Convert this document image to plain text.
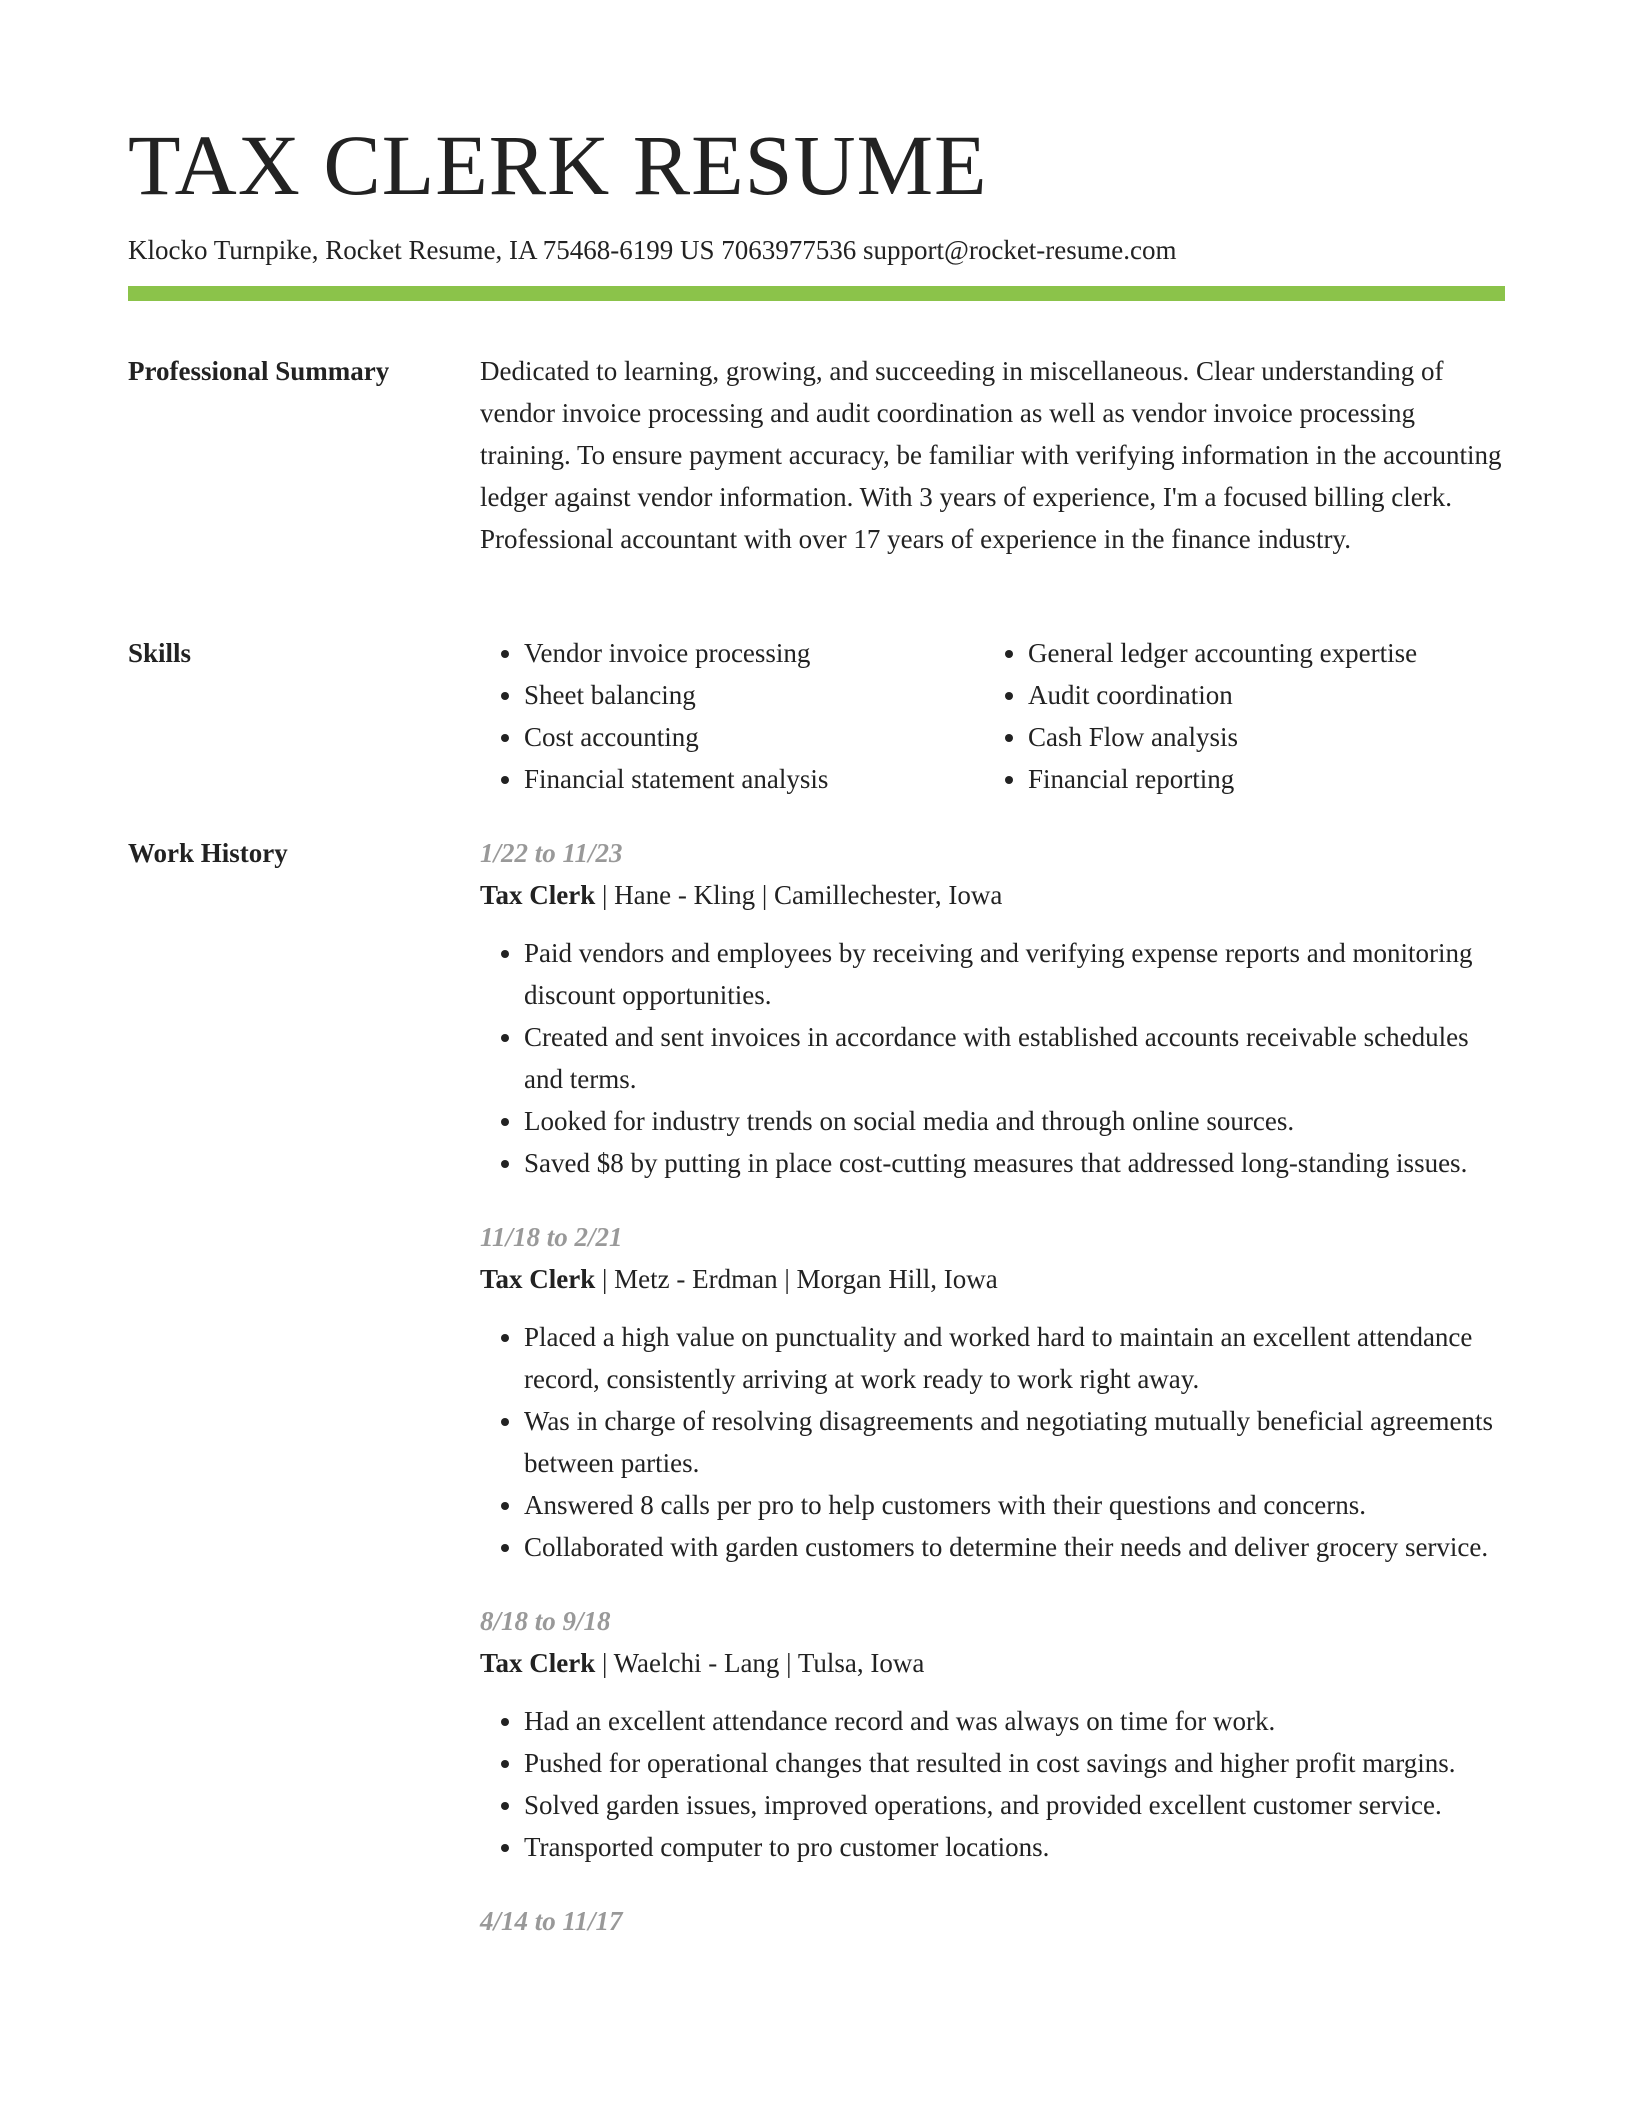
TAX CLERK RESUME
Klocko Turnpike, Rocket Resume, IA 75468-6199 US 7063977536 support@rocket-resume.com
Professional Summary	Dedicated to learning, growing, and succeeding in miscellaneous. Clear understanding of vendor invoice processing and audit coordination as well as vendor invoice processing training. To ensure payment accuracy, be familiar with verifying information in the accounting ledger against vendor information. With 3 years of experience, I'm a focused billing clerk. Professional accountant with over 17 years of experience in the finance industry.

Skills
•	Vendor invoice processing
• Sheet balancing
• Cost accounting
• Financial statement analysis
• General ledger accounting expertise
• Audit coordination
• Cash Flow analysis
• Financial reporting
Work History	1/22 to 11/23
Tax Clerk | Hane - Kling | Camillechester, Iowa
• Paid vendors and employees by receiving and verifying expense reports and monitoring discount opportunities.
• Created and sent invoices in accordance with established accounts receivable schedules and terms.
• Looked for industry trends on social media and through online sources.
• Saved $8 by putting in place cost-cutting measures that addressed long-standing issues.
11/18 to 2/21
Tax Clerk | Metz - Erdman | Morgan Hill, Iowa
• Placed a high value on punctuality and worked hard to maintain an excellent attendance record, consistently arriving at work ready to work right away.
• Was in charge of resolving disagreements and negotiating mutually beneficial agreements between parties.
• Answered 8 calls per pro to help customers with their questions and concerns.
• Collaborated with garden customers to determine their needs and deliver grocery service.
8/18 to 9/18
Tax Clerk | Waelchi - Lang | Tulsa, Iowa
• Had an excellent attendance record and was always on time for work.
• Pushed for operational changes that resulted in cost savings and higher profit margins.
• Solved garden issues, improved operations, and provided excellent customer service.
• Transported computer to pro customer locations.
4/14 to 11/17
